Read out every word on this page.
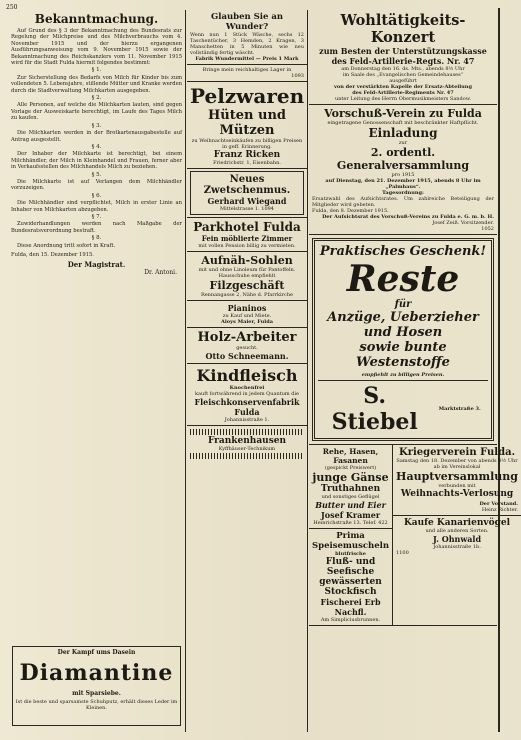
250
Bekanntmachung.
Auf Grund des § 3 der Bekanntmachung des Bundesrats zur Regelung der Milchpreise und des Milchverbrauchs vom 4. November 1915 und der hierzu ergangenen Ausführungsanweisung vom 9. November 1915 sowie der Bekanntmachung des Reichskanzlers vom 11. November 1915 wird für die Stadt Fulda hiermit folgendes bestimmt:
§ 1.
Zur Sicherstellung des Bedarfs von Milch für Kinder bis zum vollendeten 5. Lebensjahre, stillende Mütter und Kranke werden durch die Stadtverwaltung Milchkarten ausgegeben.
§ 2.
Alle Personen, auf welche die Milchkarten lauten, sind gegen Vorlage der Ausweiskarte berechtigt, im Laufe des Tages Milch zu kaufen.
§ 3.
Die Milchkarten werden in der Brotkartenausgabestelle auf Antrag ausgestellt.
§ 4.
Der Inhaber der Milchkarte ist berechtigt, bei einem Milchhändler, der Milch in Kleinhandel und Frauen, ferner aber in Verkaufsstellen des Milchhandels Milch zu beziehen.
§ 5.
Die Milchkarte ist auf Verlangen dem Milchhändler vorzuzeigen.
§ 6.
Die Milchhändler sind verpflichtet, Milch in erster Linie an Inhaber von Milchkarten abzugeben.
§ 7.
Zuwiderhandlungen werden nach Maßgabe der Bundesratsverordnung bestraft.
§ 8.
Diese Anordnung tritt sofort in Kraft.
Fulda, den 15. Dezember 1915.
Der Magistrat.
Dr. Antoni.
Der Kampf ums Dasein
Diamantine
mit Sparsiebe.
Ist die beste und sparsamste Schuhputz, erhält dieses Leder im Kleinen.
Glauben Sie an Wunder?
Wenn nun 1 Stück Wäsche, sechs 12 Taschentücher, 3 Hemden, 2 Kragen, 3 Manschetten in 5 Minuten wie neu vollständig fertig wäscht.
Fabrik Wundermittel — Preis 1 Mark
Bringe mein reichhaltiges Lager in
1093
Pelzwaren
Hüten und Mützen
zu Weihnachtseinkäufen zu billigen Preisen in geff. Erinnerung.
Franz Ricken
Friedrichstr. 1, Eisenbahn.
Neues Zwetschenmus.
Gerhard Wiegand
Mittelstrasse 1. 1094
Parkhotel Fulda
Fein möblierte Zimmer
mit vollen Pension billig zu vermieten.
Aufnäh-Sohlen
mit und ohne Linoleum für Pantoffeln. Hausschuhe empfiehlt
Filzgeschäft
Rennangasse 2, Nähe d. Pfarrkirche
Pianinos
zu Kauf und Miete.
Aloys Maier, Fulda
Holz-Arbeiter
gesucht.
Otto Schneemann.
Kindfleisch
Knochenfrei
kauft fortwährend in jedem Quantum die
Fleischkonservenfabrik Fulda
Johannisstraße 1.
Frankenhausen
Kyffhäuser-Technikum
Wohltätigkeits-Konzert
zum Besten der Unterstützungskasse
des Feld-Artillerie-Regts. Nr. 47
am Donnerstag den 16. ds. Mts., abends 8½ Uhr
im Saale des „Evangelischen Gemeindehauses“
ausgeführt
von der verstärkten Kapelle der Ersatz-Abteilung
des Feld-Artillerie-Regiments Nr. 47
unter Leitung des Herrn Obermusikmeisters Sandow.
Vorschuß-Verein zu Fulda
eingetragene Genossenschaft mit beschränkter Haftpflicht.
Einladung
zur
2. ordentl. Generalversammlung
pro 1915
auf Dienstag, den 21. Dezember 1915, abends 8 Uhr im „Palmhaus“.
Tagesordnung:
Ersatzwahl des Aufsichtsrates. Um zahlreiche Beteiligung der Mitglieder wird gebeten.
Fulda, den 8. Dezember 1915.
Der Aufsichtsrat des Vorschuß-Vereins zu Fulda e. G. m. b. H.
Josef Zeiß. Vorsitzender.
1052
Praktisches Geschenk!
Reste
für
Anzüge, Ueberzieher
und Hosen
sowie bunte Westenstoffe
empfiehlt zu billigen Preisen.
S. Stiebel	Marktstraße 3.
Rehe, Hasen, Fasanen
(gespickt Preiswert)
junge Gänse
Truthahnen
und sonstiges Geflügel
Butter und Eier
Josef Kramer
Heinrichstraße 13. Telef. 422
Prima Speisemuscheln
blutfrische
Fluß- und Seefische
gewässerten Stockfisch
Fischerei Erb Nachfl.
Am Simpliciusbrunnen.
Kriegerverein Fulda.
Samstag den 18. Dezember von abends 8½ Uhr ab im Vereinslokal
Hauptversammlung
verbunden mit
Weihnachts-Verlosung
Der Vorstand.
Heinz Richter.
Kaufe Kanarienvögel
und alle anderen Sorten.
J. Ohnwald
Johannisstraße 1b.
1100
